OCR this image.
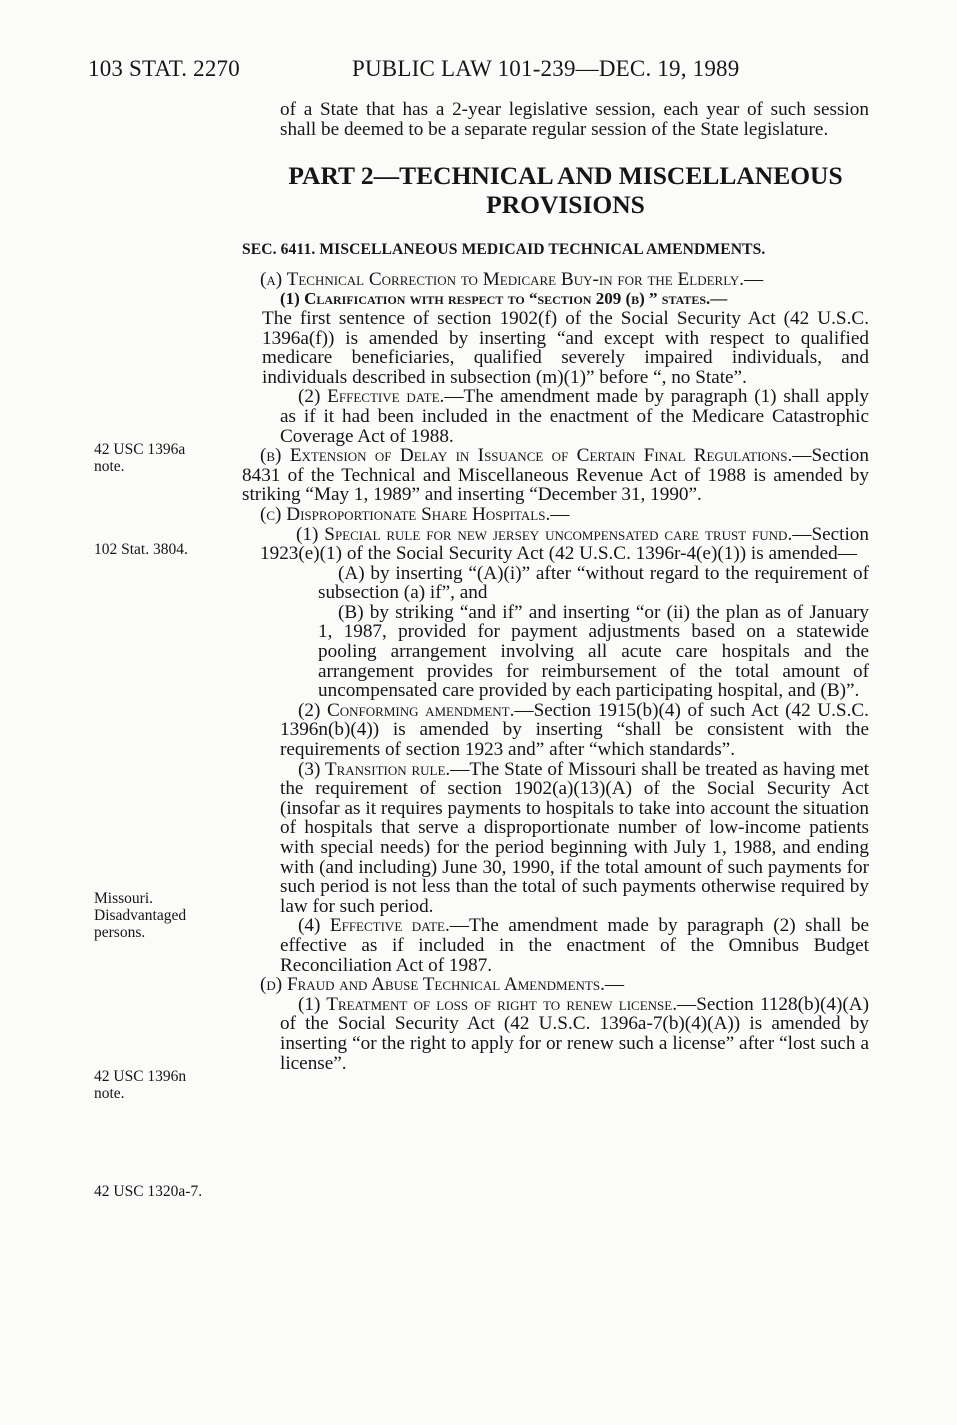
103 STAT. 2270	PUBLIC LAW 101-239—DEC. 19, 1989
42 USC 1396a
note.
102 Stat. 3804.
Missouri.
Disadvantaged
persons.
42 USC 1396n
note.
42 USC 1320a-7.

of a State that has a 2-year legislative session, each year of such session shall be deemed to be a separate regular session of the State legislature.

PART 2—TECHNICAL AND MISCELLANEOUS
PROVISIONS

SEC. 6411. MISCELLANEOUS MEDICAID TECHNICAL AMENDMENTS.

(a) Technical Correction to Medicare Buy-in for the Elderly.—

(1) Clarification with respect to “section 209 (b) ” states.—
The first sentence of section 1902(f) of the Social Security Act (42 U.S.C. 1396a(f)) is amended by inserting “and except with respect to qualified medicare beneficiaries, qualified severely impaired individuals, and individuals described in subsection (m)(1)” before “, no State”.

(2) Effective date.—The amendment made by paragraph (1) shall apply as if it had been included in the enactment of the Medicare Catastrophic Coverage Act of 1988.

(b) Extension of Delay in Issuance of Certain Final Regulations.—Section 8431 of the Technical and Miscellaneous Revenue Act of 1988 is amended by striking “May 1, 1989” and inserting “December 31, 1990”.

(c) Disproportionate Share Hospitals.—

(1) Special rule for new jersey uncompensated care trust fund.—Section 1923(e)(1) of the Social Security Act (42 U.S.C. 1396r-4(e)(1)) is amended—

(A) by inserting “(A)(i)” after “without regard to the requirement of subsection (a) if”, and

(B) by striking “and if” and inserting “or (ii) the plan as of January 1, 1987, provided for payment adjustments based on a statewide pooling arrangement involving all acute care hospitals and the arrangement provides for reimbursement of the total amount of uncompensated care provided by each participating hospital, and (B)”.

(2) Conforming amendment.—Section 1915(b)(4) of such Act (42 U.S.C. 1396n(b)(4)) is amended by inserting “shall be consistent with the requirements of section 1923 and” after “which standards”.

(3) Transition rule.—The State of Missouri shall be treated as having met the requirement of section 1902(a)(13)(A) of the Social Security Act (insofar as it requires payments to hospitals to take into account the situation of hospitals that serve a disproportionate number of low-income patients with special needs) for the period beginning with July 1, 1988, and ending with (and including) June 30, 1990, if the total amount of such payments for such period is not less than the total of such payments otherwise required by law for such period.

(4) Effective date.—The amendment made by paragraph (2) shall be effective as if included in the enactment of the Omnibus Budget Reconciliation Act of 1987.

(d) Fraud and Abuse Technical Amendments.—

(1) Treatment of loss of right to renew license.—Section 1128(b)(4)(A) of the Social Security Act (42 U.S.C. 1396a-7(b)(4)(A)) is amended by inserting “or the right to apply for or renew such a license” after “lost such a license”.
